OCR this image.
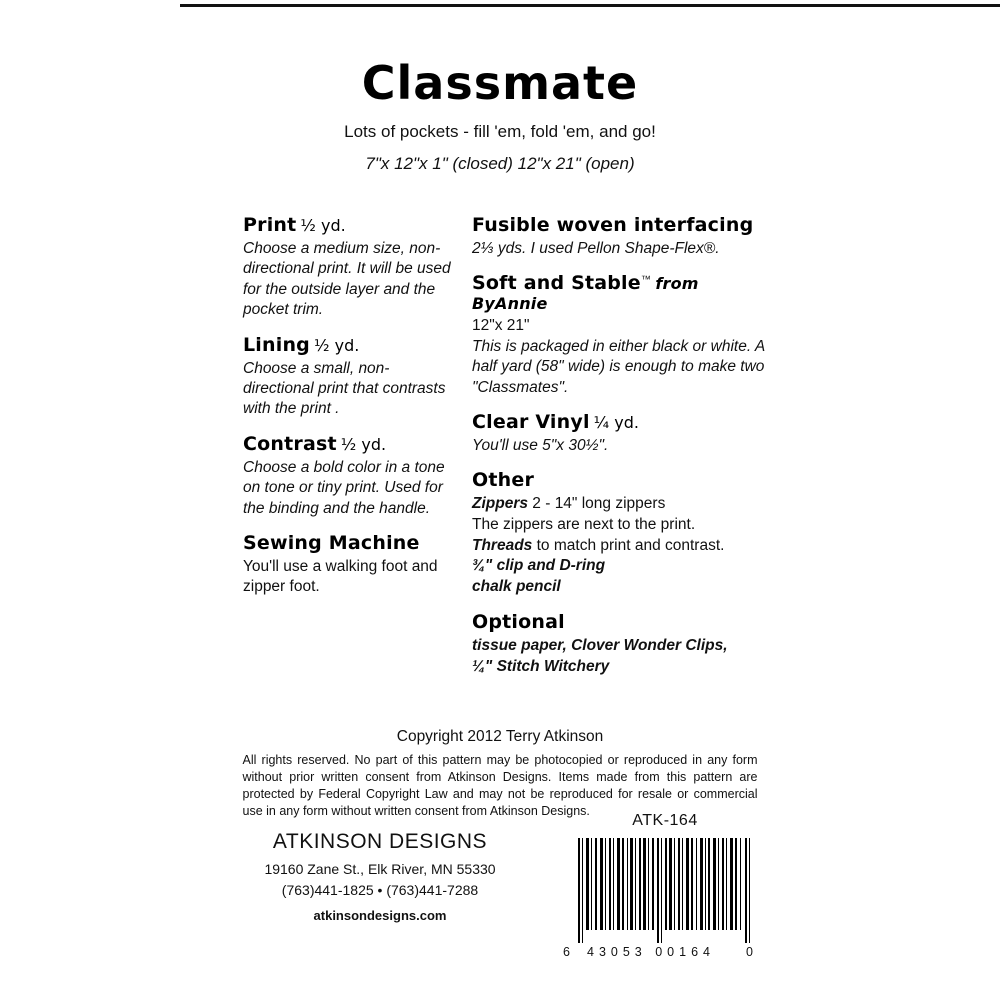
Classmate
Lots of pockets - fill 'em, fold 'em, and go!
7"x 12"x 1" (closed) 12"x 21" (open)
Print ½ yd.
Choose a medium size, non-directional print. It will be used for the outside layer and the pocket trim.
Lining ½ yd.
Choose a small, non-directional print that contrasts with the print .
Contrast ½ yd.
Choose a bold color in a tone on tone or tiny print. Used for the binding and the handle.
Sewing Machine
You'll use a walking foot and zipper foot.
Fusible woven interfacing
2⅓ yds. I used Pellon Shape-Flex®.
Soft and Stable™ from ByAnnie
12"x 21"
This is packaged in either black or white. A half yard (58" wide) is enough to make two "Classmates".
Clear Vinyl ¼ yd.
You'll use 5"x 30½".
Other
Zippers 2 - 14" long zippers
The zippers are next to the print.
Threads to match print and contrast.
¾" clip and D-ring
chalk pencil
Optional
tissue paper, Clover Wonder Clips,
¼" Stitch Witchery
Copyright 2012 Terry Atkinson
All rights reserved. No part of this pattern may be photocopied or reproduced in any form without prior written consent from Atkinson Designs. Items made from this pattern are protected by Federal Copyright Law and may not be reproduced for resale or commercial use in any form without written consent from Atkinson Designs.
ATKINSON DESIGNS
19160 Zane St., Elk River, MN 55330
(763)441-1825 • (763)441-7288
atkinsondesigns.com
ATK-164
6 43053 00164 0
